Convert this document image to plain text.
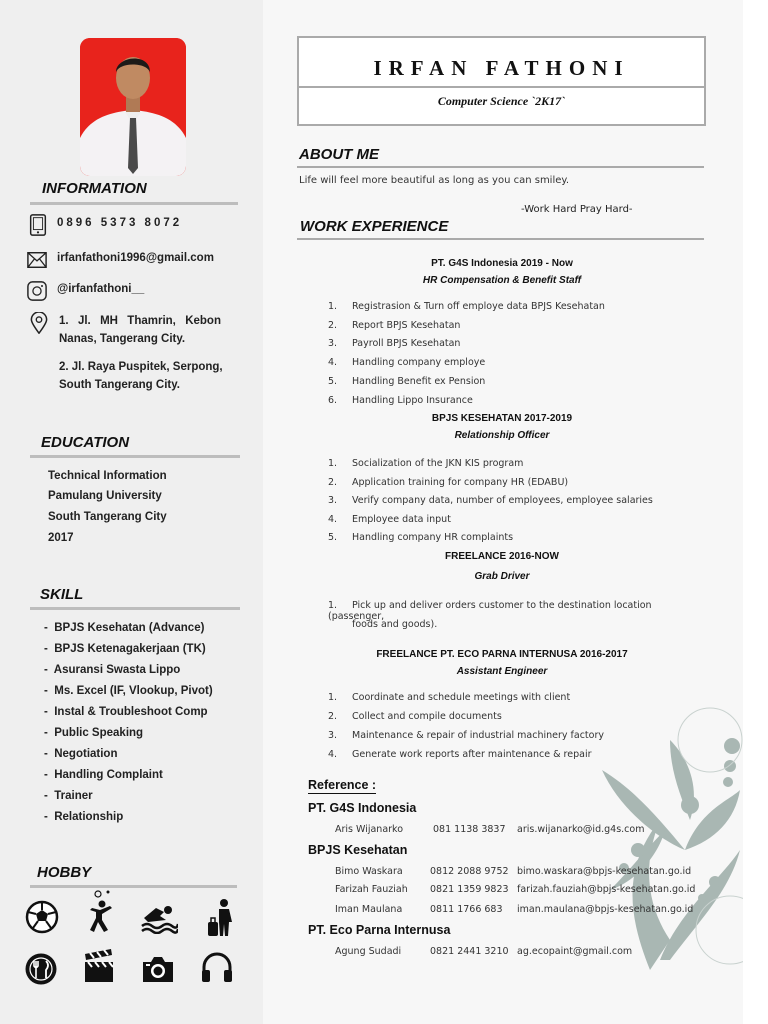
INFORMATION
0896 5373 8072
irfanfathoni1996@gmail.com
@irfanfathoni__
1. Jl. MH Thamrin, Kebon
Nanas, Tangerang City.
2. Jl. Raya Puspitek, Serpong,
South Tangerang City.
EDUCATION
Technical Information
Pamulang University
South Tangerang City
2017
SKILL
-  BPJS Kesehatan (Advance)
-  BPJS Ketenagakerjaan (TK)
-  Asuransi Swasta Lippo
-  Ms. Excel (IF, Vlookup, Pivot)
-  Instal & Troubleshoot Comp
-  Public Speaking
-  Negotiation
-  Handling Complaint
-  Trainer
-  Relationship
HOBBY
IRFAN FATHONI
Computer Science `2K17`
ABOUT ME
Life will feel more beautiful as long as you can smiley.
-Work Hard Pray Hard-
WORK EXPERIENCE
PT. G4S Indonesia 2019 - Now
HR Compensation & Benefit Staff
1. Registrasion & Turn off employe data BPJS Kesehatan
2. Report BPJS Kesehatan
3. Payroll BPJS Kesehatan
4. Handling company employe
5. Handling Benefit ex Pension
6. Handling Lippo Insurance
BPJS KESEHATAN 2017-2019
Relationship Officer
1. Socialization of the JKN KIS program
2. Application training for company HR (EDABU)
3. Verify company data, number of employees, employee salaries
4. Employee data input
5. Handling company HR complaints
FREELANCE 2016-NOW
Grab Driver
1. Pick up and deliver orders customer to the destination location (passenger,
foods and goods).
FREELANCE PT. ECO PARNA INTERNUSA 2016-2017
Assistant Engineer
1. Coordinate and schedule meetings with client
2. Collect and compile documents
3. Maintenance & repair of industrial machinery factory
4. Generate work reports after maintenance & repair
Reference :
PT. G4S Indonesia
Aris Wijanarko	081 1138 3837 aris.wijanarko@id.g4s.com
BPJS Kesehatan
Bimo Waskara	0812 2088 9752 bimo.waskara@bpjs-kesehatan.go.id
Farizah Fauziah 0821 1359 9823 farizah.fauziah@bpjs-kesehatan.go.id
Iman Maulana	0811 1766 683 iman.maulana@bpjs-kesehatan.go.id
PT. Eco Parna Internusa
Agung Sudadi	0821 2441 3210 ag.ecopaint@gmail.com
